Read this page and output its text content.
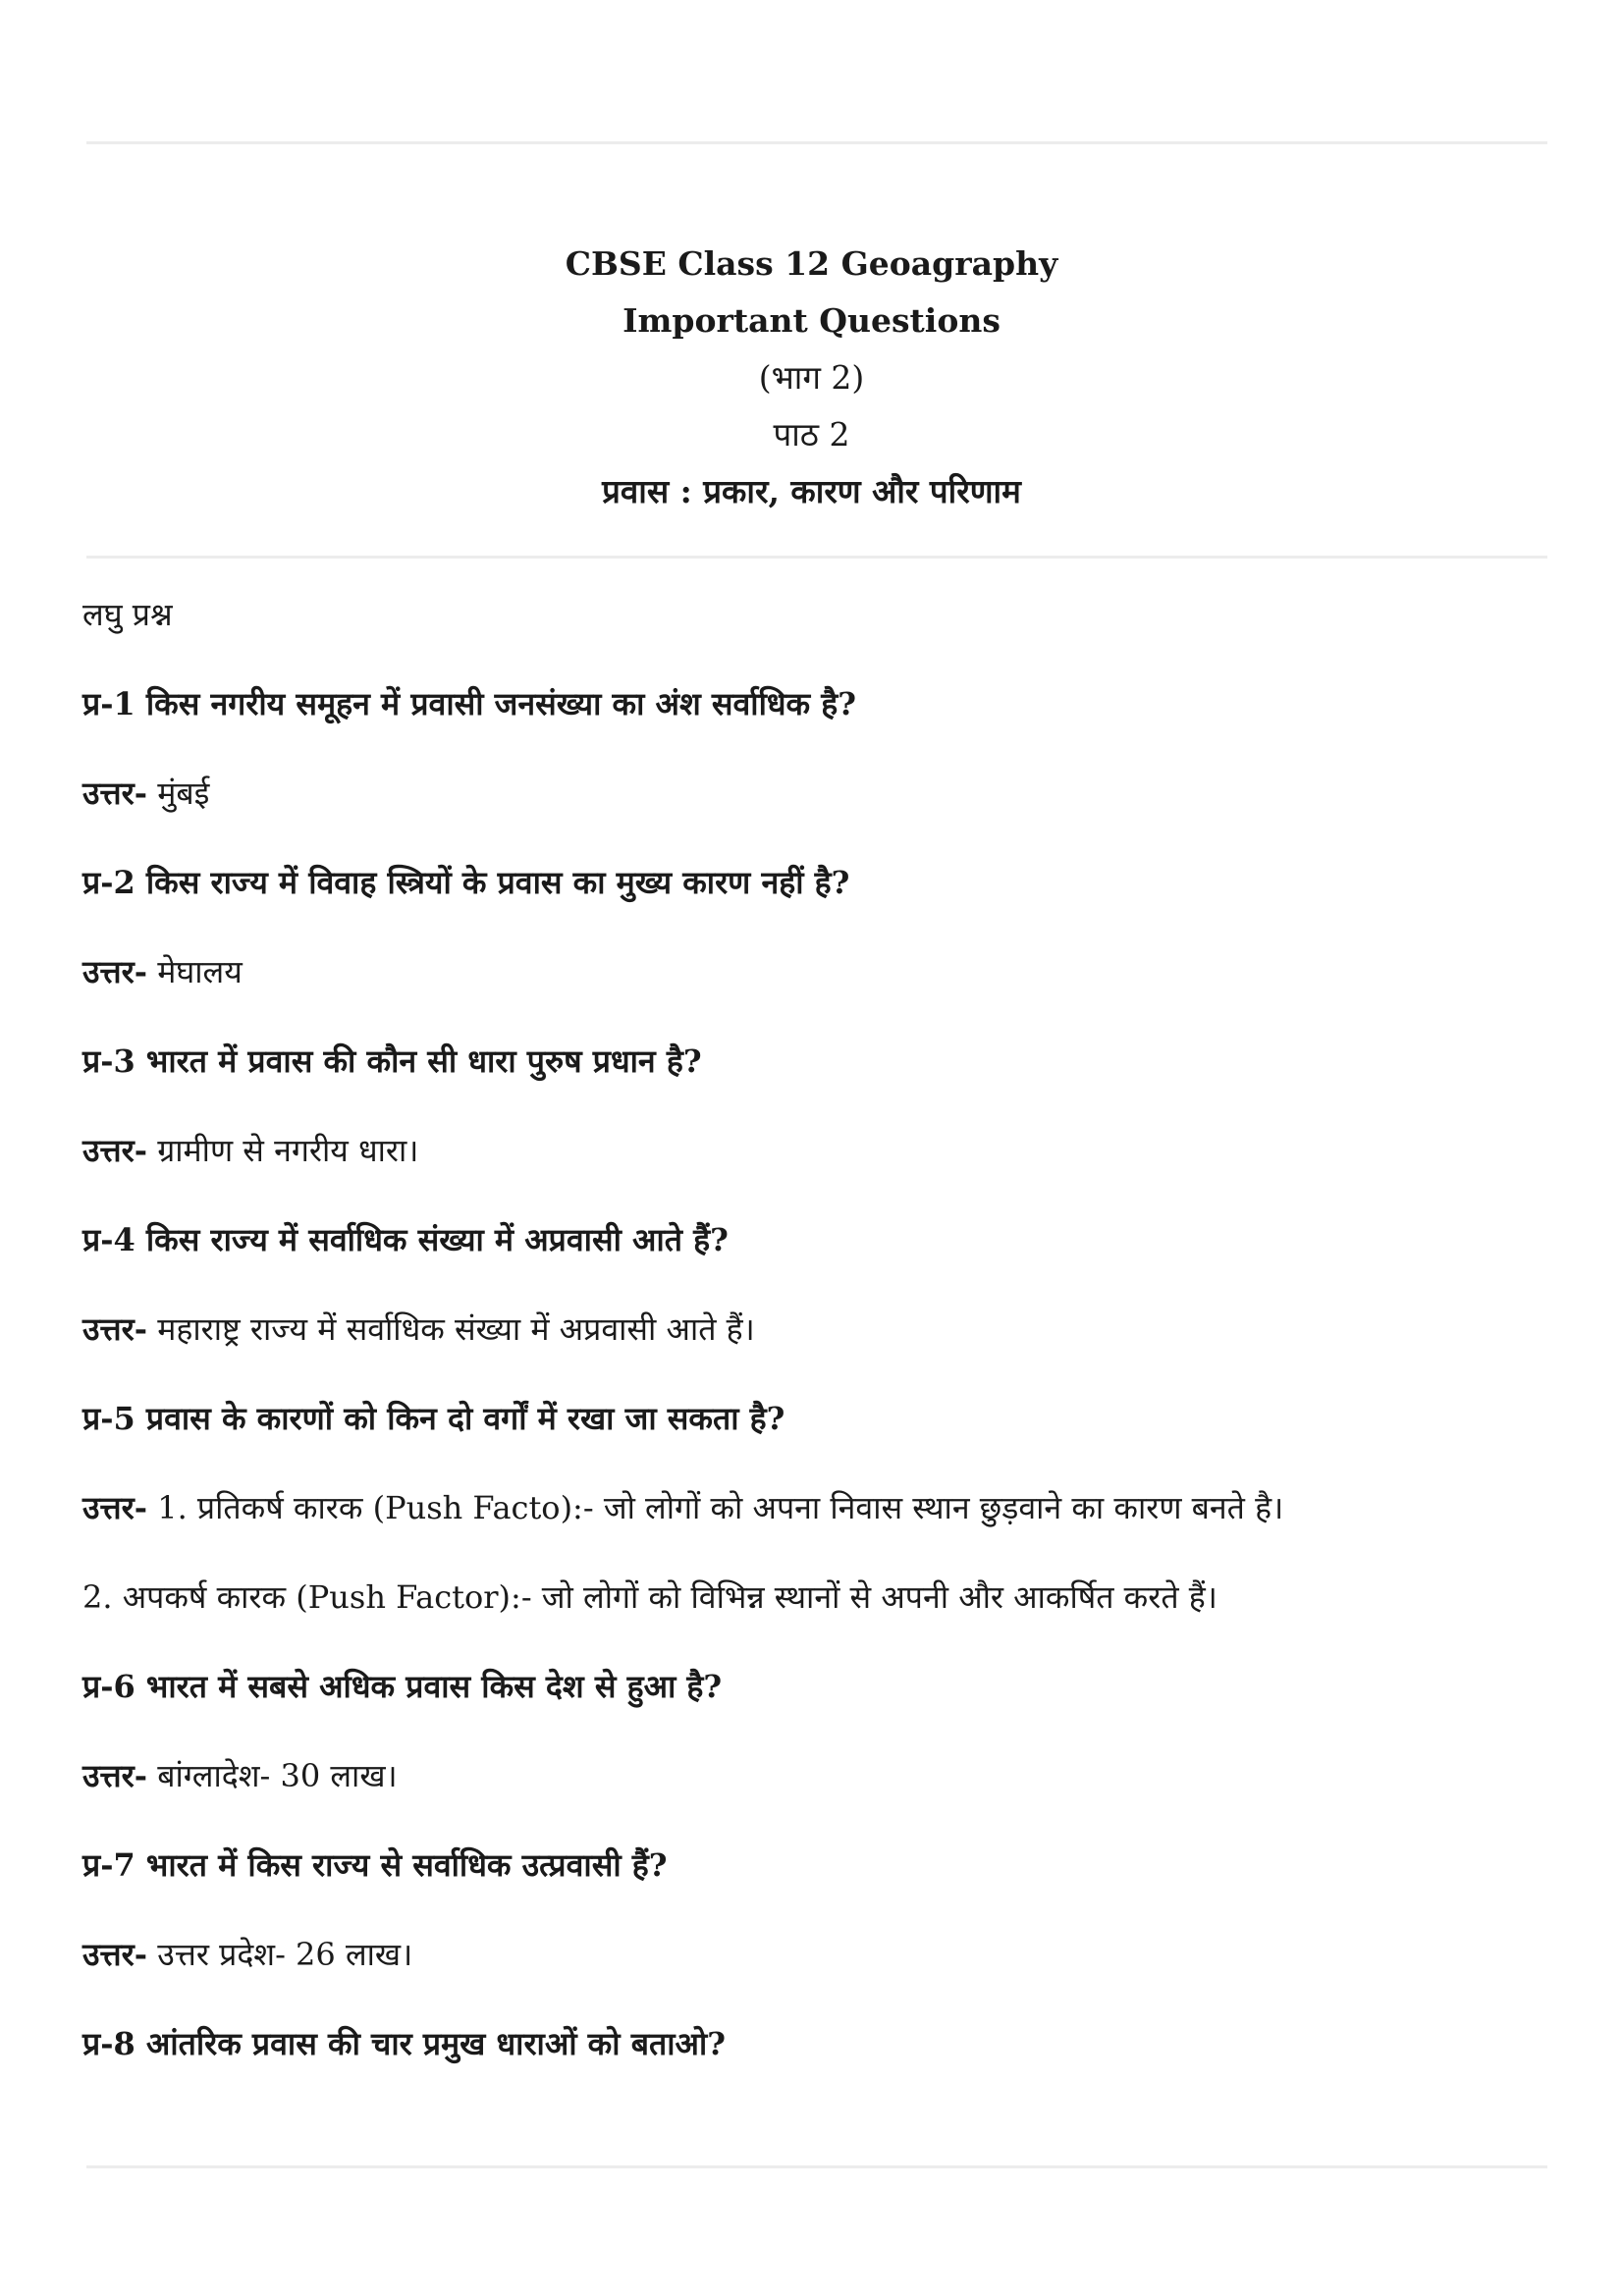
CBSE Class 12 Geoagraphy
Important Questions
(भाग 2)
पाठ 2
प्रवास : प्रकार, कारण और परिणाम

लघु प्रश्न

प्र-1 किस नगरीय समूहन में प्रवासी जनसंख्या का अंश सर्वाधिक है?

उत्तर- मुंबई

प्र-2 किस राज्य में विवाह स्त्रियों के प्रवास का मुख्य कारण नहीं है?

उत्तर- मेघालय

प्र-3 भारत में प्रवास की कौन सी धारा पुरुष प्रधान है?

उत्तर- ग्रामीण से नगरीय धारा।

प्र-4 किस राज्य में सर्वाधिक संख्या में अप्रवासी आते हैं?

उत्तर- महाराष्ट्र राज्य में सर्वाधिक संख्या में अप्रवासी आते हैं।

प्र-5 प्रवास के कारणों को किन दो वर्गों में रखा जा सकता है?

उत्तर- 1. प्रतिकर्ष कारक (Push Facto):- जो लोगों को अपना निवास स्थान छुड़वाने का कारण बनते है।

2. अपकर्ष कारक (Push Factor):- जो लोगों को विभिन्न स्थानों से अपनी और आकर्षित करते हैं।

प्र-6 भारत में सबसे अधिक प्रवास किस देश से हुआ है?

उत्तर- बांग्लादेश- 30 लाख।

प्र-7 भारत में किस राज्य से सर्वाधिक उत्प्रवासी हैं?

उत्तर- उत्तर प्रदेश- 26 लाख।

प्र-8 आंतरिक प्रवास की चार प्रमुख धाराओं को बताओ?
